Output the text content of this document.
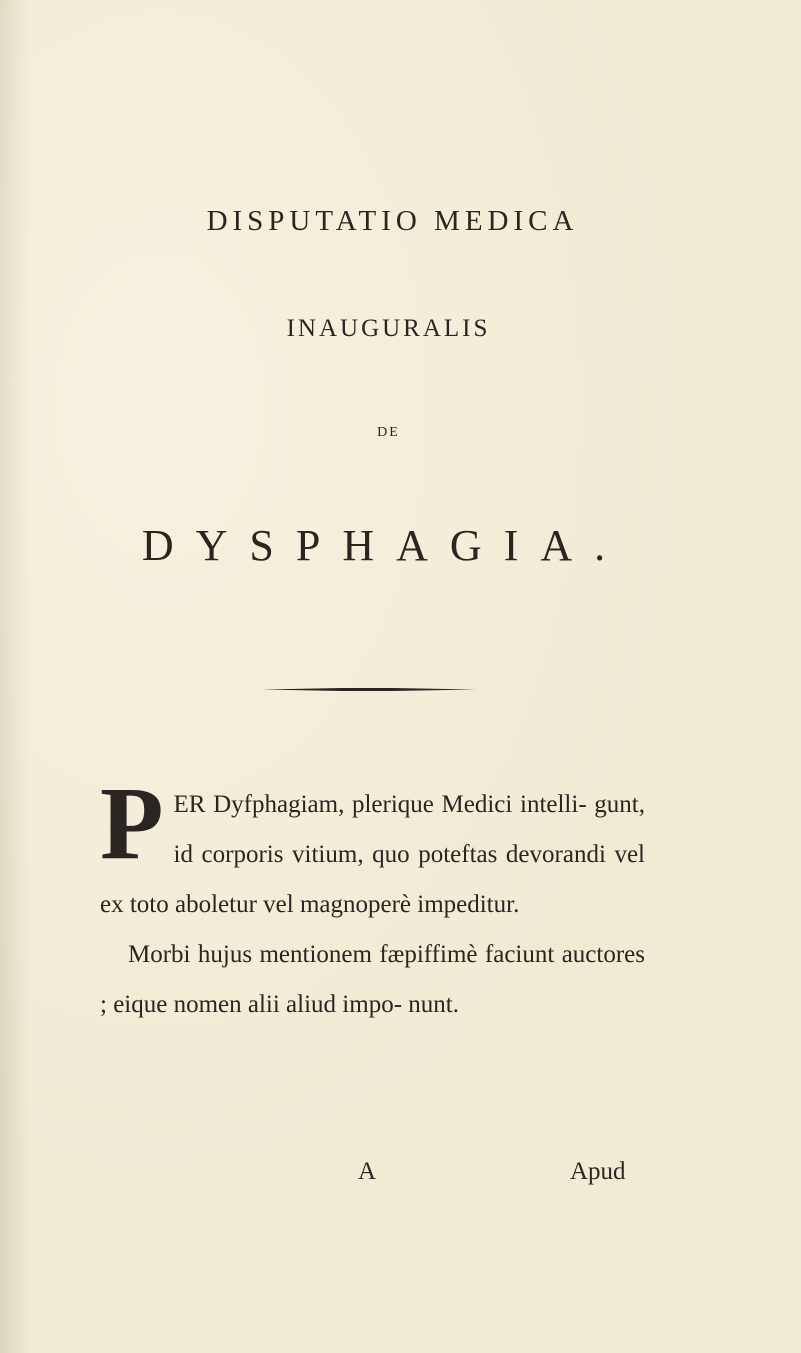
DISPUTATIO MEDICA
INAUGURALIS
DE
DYSPHAGIA.

P ER Dyfphagiam, plerique Medici intelli- gunt, id corporis vitium, quo poteftas devorandi vel ex toto aboletur vel magnoperè impeditur.

Morbi hujus mentionem fæpiffimè faciunt auctores ; eique nomen alii aliud impo- nunt.

A	Apud
